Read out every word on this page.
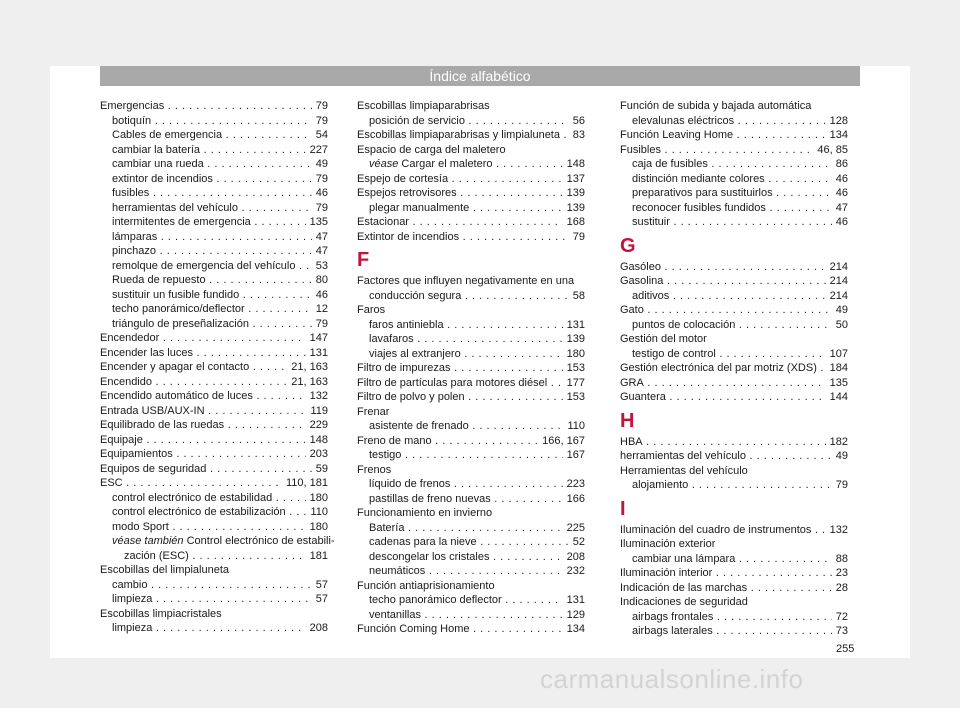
Índice alfabético
Emergencias . . .	79
botiquín . . .	79
Cables de emergencia . . .	54
cambiar la batería . . .	227
cambiar una rueda . . .	49
extintor de incendios . . .	79
fusibles . . .	46
herramientas del vehículo . . .	79
intermitentes de emergencia . . .	135
lámparas . . .	47
pinchazo . . .	47
remolque de emergencia del vehículo . . .	53
Rueda de repuesto . . .	80
sustituir un fusible fundido . . .	46
techo panorámico/deflector . . .	12
triángulo de preseñalización . . .	79
Encendedor . . .	147
Encender las luces . . .	131
Encender y apagar el contacto . . .	21, 163
Encendido . . .	21, 163
Encendido automático de luces . . .	132
Entrada USB/AUX-IN . . .	119
Equilibrado de las ruedas . . .	229
Equipaje . . .	148
Equipamientos . . .	203
Equipos de seguridad . . .	59
ESC . . .	110, 181
control electrónico de estabilidad . . .	180
control electrónico de estabilización . . .	110
modo Sport . . .	180
véase también Control electrónico de estabili-
zación (ESC) . . .	181
Escobillas del limpialuneta
cambio . . .	57
limpieza . . .	57
Escobillas limpiacristales
limpieza . . .	208
Escobillas limpiaparabrisas
posición de servicio . . .	56
Escobillas limpiaparabrisas y limpialuneta . . .	83
Espacio de carga del maletero
véase Cargar el maletero . . .	148
Espejo de cortesía . . .	137
Espejos retrovisores . . .	139
plegar manualmente . . .	139
Estacionar . . .	168
Extintor de incendios . . .	79
F
Factores que influyen negativamente en una
conducción segura . . .	58
Faros
faros antiniebla . . .	131
lavafaros . . .	139
viajes al extranjero . . .	180
Filtro de impurezas . . .	153
Filtro de partículas para motores diésel . . .	177
Filtro de polvo y polen . . .	153
Frenar
asistente de frenado . . .	110
Freno de mano . . .	166, 167
testigo . . .	167
Frenos
líquido de frenos . . .	223
pastillas de freno nuevas . . .	166
Funcionamiento en invierno
Batería . . .	225
cadenas para la nieve . . .	52
descongelar los cristales . . .	208
neumáticos . . .	232
Función antiaprisionamiento
techo panorámico deflector . . .	131
ventanillas . . .	129
Función Coming Home . . .	134
Función de subida y bajada automática
elevalunas eléctricos . . .	128
Función Leaving Home . . .	134
Fusibles . . .	46, 85
caja de fusibles . . .	86
distinción mediante colores . . .	46
preparativos para sustituirlos . . .	46
reconocer fusibles fundidos . . .	47
sustituir . . .	46
G
Gasóleo . . .	214
Gasolina . . .	214
aditivos . . .	214
Gato . . .	49
puntos de colocación . . .	50
Gestión del motor
testigo de control . . .	107
Gestión electrónica del par motriz (XDS) . . .	184
GRA . . .	135
Guantera . . .	144
H
HBA . . .	182
herramientas del vehículo . . .	49
Herramientas del vehículo
alojamiento . . .	79
I
Iluminación del cuadro de instrumentos . . .	132
Iluminación exterior
cambiar una lámpara . . .	88
Iluminación interior . . .	23
Indicación de las marchas . . .	28
Indicaciones de seguridad
airbags frontales . . .	72
airbags laterales . . .	73
255
carmanualsonline.info
